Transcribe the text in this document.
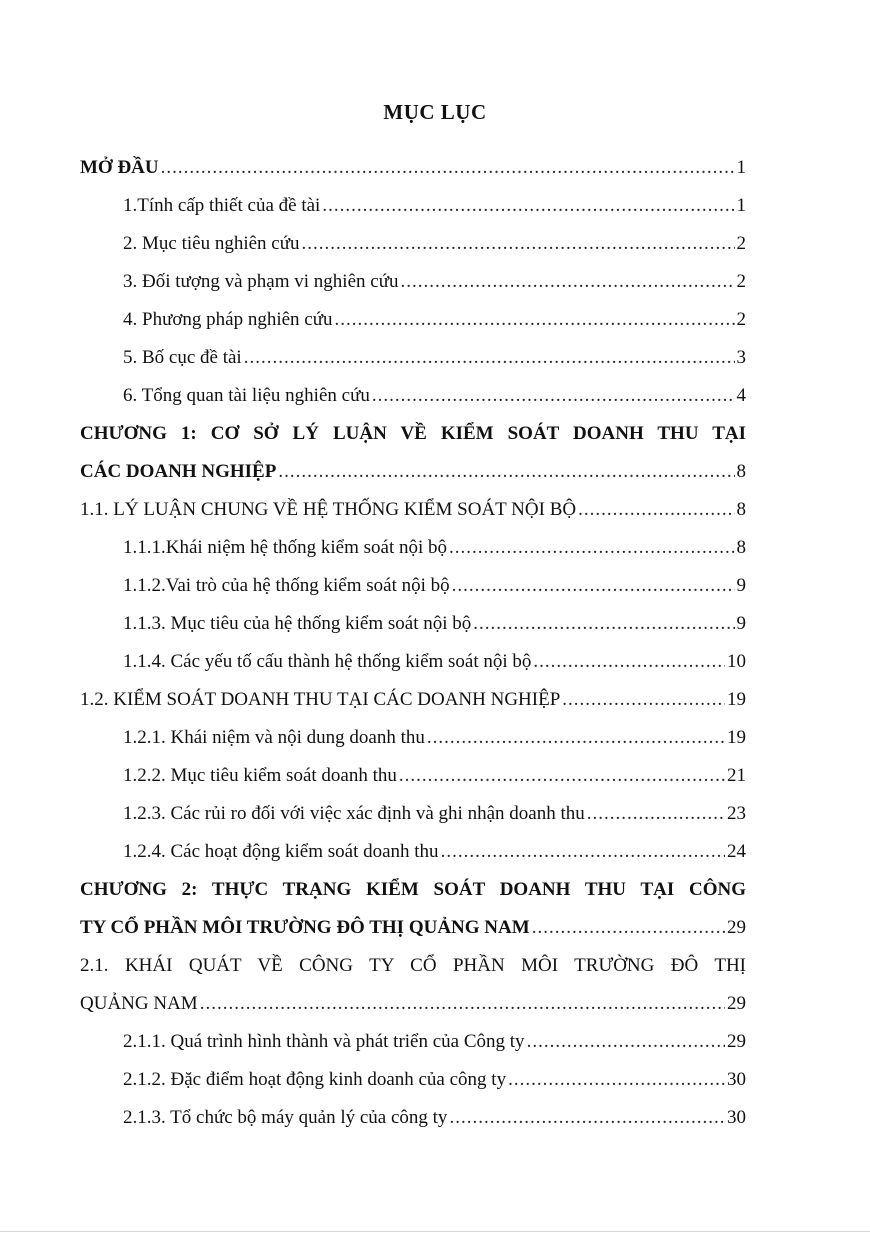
MỤC LỤC
MỞ ĐẦU .....	1
1.Tính cấp thiết của đề tài .....	1
2. Mục tiêu nghiên cứu .....	2
3. Đối tượng và phạm vi nghiên cứu .....	2
4. Phương pháp nghiên cứu .....	2
5. Bố cục đề tài .....	3
6. Tổng quan tài liệu nghiên cứu .....	4
CHƯƠNG 1: CƠ SỞ LÝ LUẬN VỀ KIỂM SOÁT DOANH THU TẠI
CÁC DOANH NGHIỆP .....	8
1.1. LÝ LUẬN CHUNG VỀ HỆ THỐNG KIỂM SOÁT NỘI BỘ .....	8
1.1.1.Khái niệm hệ thống kiểm soát nội bộ .....	8
1.1.2.Vai trò của hệ thống kiểm soát nội bộ .....	9
1.1.3. Mục tiêu của hệ thống kiểm soát nội bộ .....	9
1.1.4. Các yếu tố cấu thành hệ thống kiểm soát nội bộ .....	10
1.2. KIỂM SOÁT DOANH THU TẠI CÁC DOANH NGHIỆP .....	19
1.2.1. Khái niệm và nội dung doanh thu .....	19
1.2.2. Mục tiêu kiểm soát doanh thu .....	21
1.2.3. Các rủi ro đối với việc xác định và ghi nhận doanh thu .....	23
1.2.4. Các hoạt động kiểm soát doanh thu .....	24
CHƯƠNG 2: THỰC TRẠNG KIỂM SOÁT DOANH THU TẠI CÔNG
TY CỔ PHẦN MÔI TRƯỜNG ĐÔ THỊ QUẢNG NAM .....	29
2.1. KHÁI QUÁT VỀ CÔNG TY CỔ PHẦN MÔI TRƯỜNG ĐÔ THỊ
QUẢNG NAM .....	29
2.1.1. Quá trình hình thành và phát triển của Công ty .....	29
2.1.2. Đặc điểm hoạt động kinh doanh của công ty .....	30
2.1.3. Tổ chức bộ máy quản lý của công ty .....	30
